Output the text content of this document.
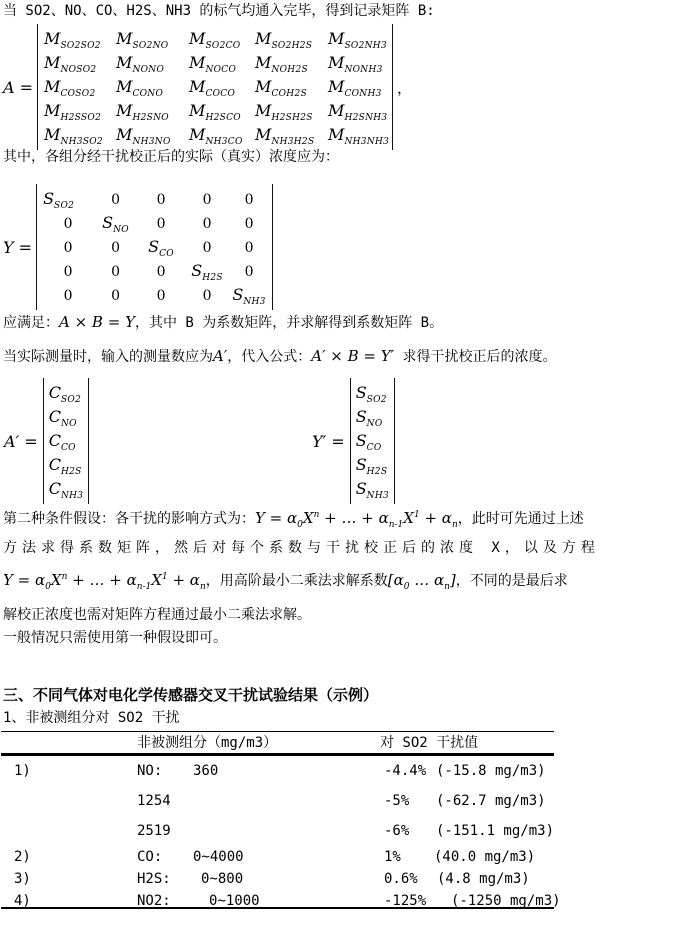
当 SO2、NO、CO、H2S、NH3 的标气均通入完毕，得到记录矩阵 B:
A =
$M_{SO2SO2}$ $M_{SO2NO}$	$M_{SO2CO}$ $M_{SO2H2S}$ $M_{SO2NH3}$
$M_{NOSO2}$	$M_{NONO}$	$M_{NOCO}$	$M_{NOH2S}$	$M_{NONH3}$
$M_{COSO2}$	$M_{CONO}$	$M_{COCO}$	$M_{COH2S}$	$M_{CONH3}$
$M_{H2SSO2}$ $M_{H2SNO}$	$M_{H2SCO}$ $M_{H2SH2S}$ $M_{H2SNH3}$
$M_{NH3SO2}$ $M_{NH3NO}$	$M_{NH3CO}$ $M_{NH3H2S}$ $M_{NH3NH3}$
，
其中，各组分经干扰校正后的实际（真实）浓度应为：
Y =
$S_{SO2}$	0	0	0	0
0	$S_{NO}$	0	0	0
0	0	$S_{CO}$	0	0
0	0	0	$S_{H2S}$	0
0	0	0	0	$S_{NH3}$
应满足：A × B = Y，其中 B 为系数矩阵，并求解得到系数矩阵 B。
当实际测量时，输入的测量数应为A′，代入公式：A′ × B = Y′ 求得干扰校正后的浓度。
A′ =
$C_{SO2}$
$C_{NO}$
$C_{CO}$
$C_{H2S}$
$C_{NH3}$
Y′ =
$S_{SO2}$
$S_{NO}$
$S_{CO}$
$S_{H2S}$
$S_{NH3}$
第二种条件假设：各干扰的影响方式为：$Y = \alpha_0X^n$ + … + $\alpha_{n-1}X^1 + \alpha_n$，此时可先通过上述
方法求得系数矩阵，然后对每个系数与干扰校正后的浓度 X，以及方程
$Y = \alpha_0X^n$ + … + $\alpha_{n-1}X^1 + \alpha_n$，用高阶最小二乘法求解系数[$\alpha_0$ … $\alpha_n$]，不同的是最后求
解校正浓度也需对矩阵方程通过最小二乘法求解。
一般情况只需使用第一种假设即可。
三、不同气体对电化学传感器交叉干扰试验结果（示例）
1、非被测组分对 SO2 干扰
非被测组分（mg/m3）	对 SO2 干扰值
1)	NO: 360	-4.4% (-15.8 mg/m3)
1254	-5% (-62.7 mg/m3)
2519	-6% (-151.1 mg/m3)
2)	CO: 0~4000	1% (40.0 mg/m3)
3)	H2S: 0~800	0.6% (4.8 mg/m3)
4)	NO2:	0~1000	-125% (-1250 mg/m3)
